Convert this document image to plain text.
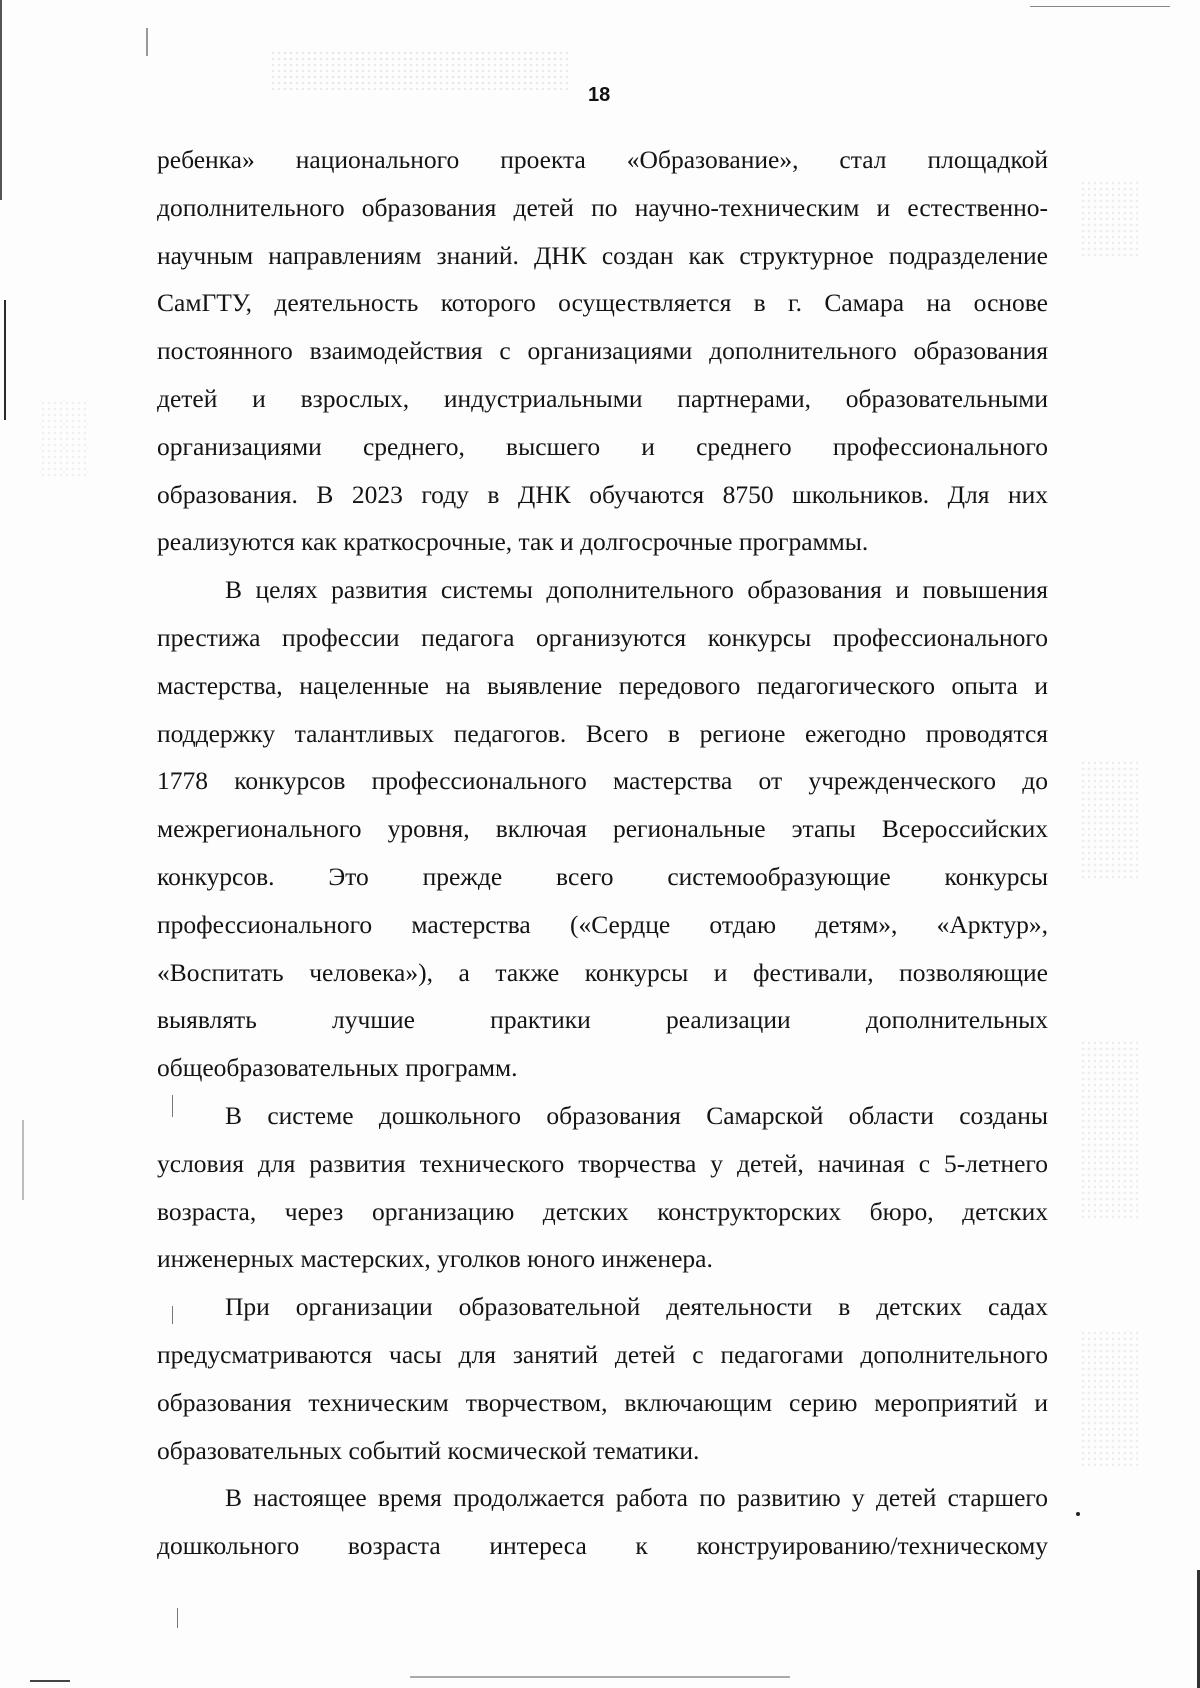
18
ребенка» национального проекта «Образование», стал площадкой
дополнительного образования детей по научно-техническим и естественно-
научным направлениям знаний. ДНК создан как структурное подразделение
СамГТУ, деятельность которого осуществляется в г. Самара на основе
постоянного взаимодействия с организациями дополнительного образования
детей и взрослых, индустриальными партнерами, образовательными
организациями среднего, высшего и среднего профессионального
образования. В 2023 году в ДНК обучаются 8750 школьников. Для них
реализуются как краткосрочные, так и долгосрочные программы.
В целях развития системы дополнительного образования и повышения
престижа профессии педагога организуются конкурсы профессионального
мастерства, нацеленные на выявление передового педагогического опыта и
поддержку талантливых педагогов. Всего в регионе ежегодно проводятся
1778 конкурсов профессионального мастерства от учрежденческого до
межрегионального уровня, включая региональные этапы Всероссийских
конкурсов. Это прежде всего системообразующие конкурсы
профессионального мастерства («Сердце отдаю детям», «Арктур»,
«Воспитать человека»), а также конкурсы и фестивали, позволяющие
выявлять лучшие практики реализации дополнительных
общеобразовательных программ.
В системе дошкольного образования Самарской области созданы
условия для развития технического творчества у детей, начиная с 5-летнего
возраста, через организацию детских конструкторских бюро, детских
инженерных мастерских, уголков юного инженера.
При организации образовательной деятельности в детских садах
предусматриваются часы для занятий детей с педагогами дополнительного
образования техническим творчеством, включающим серию мероприятий и
образовательных событий космической тематики.
В настоящее время продолжается работа по развитию у детей старшего
дошкольного возраста интереса к конструированию/техническому
